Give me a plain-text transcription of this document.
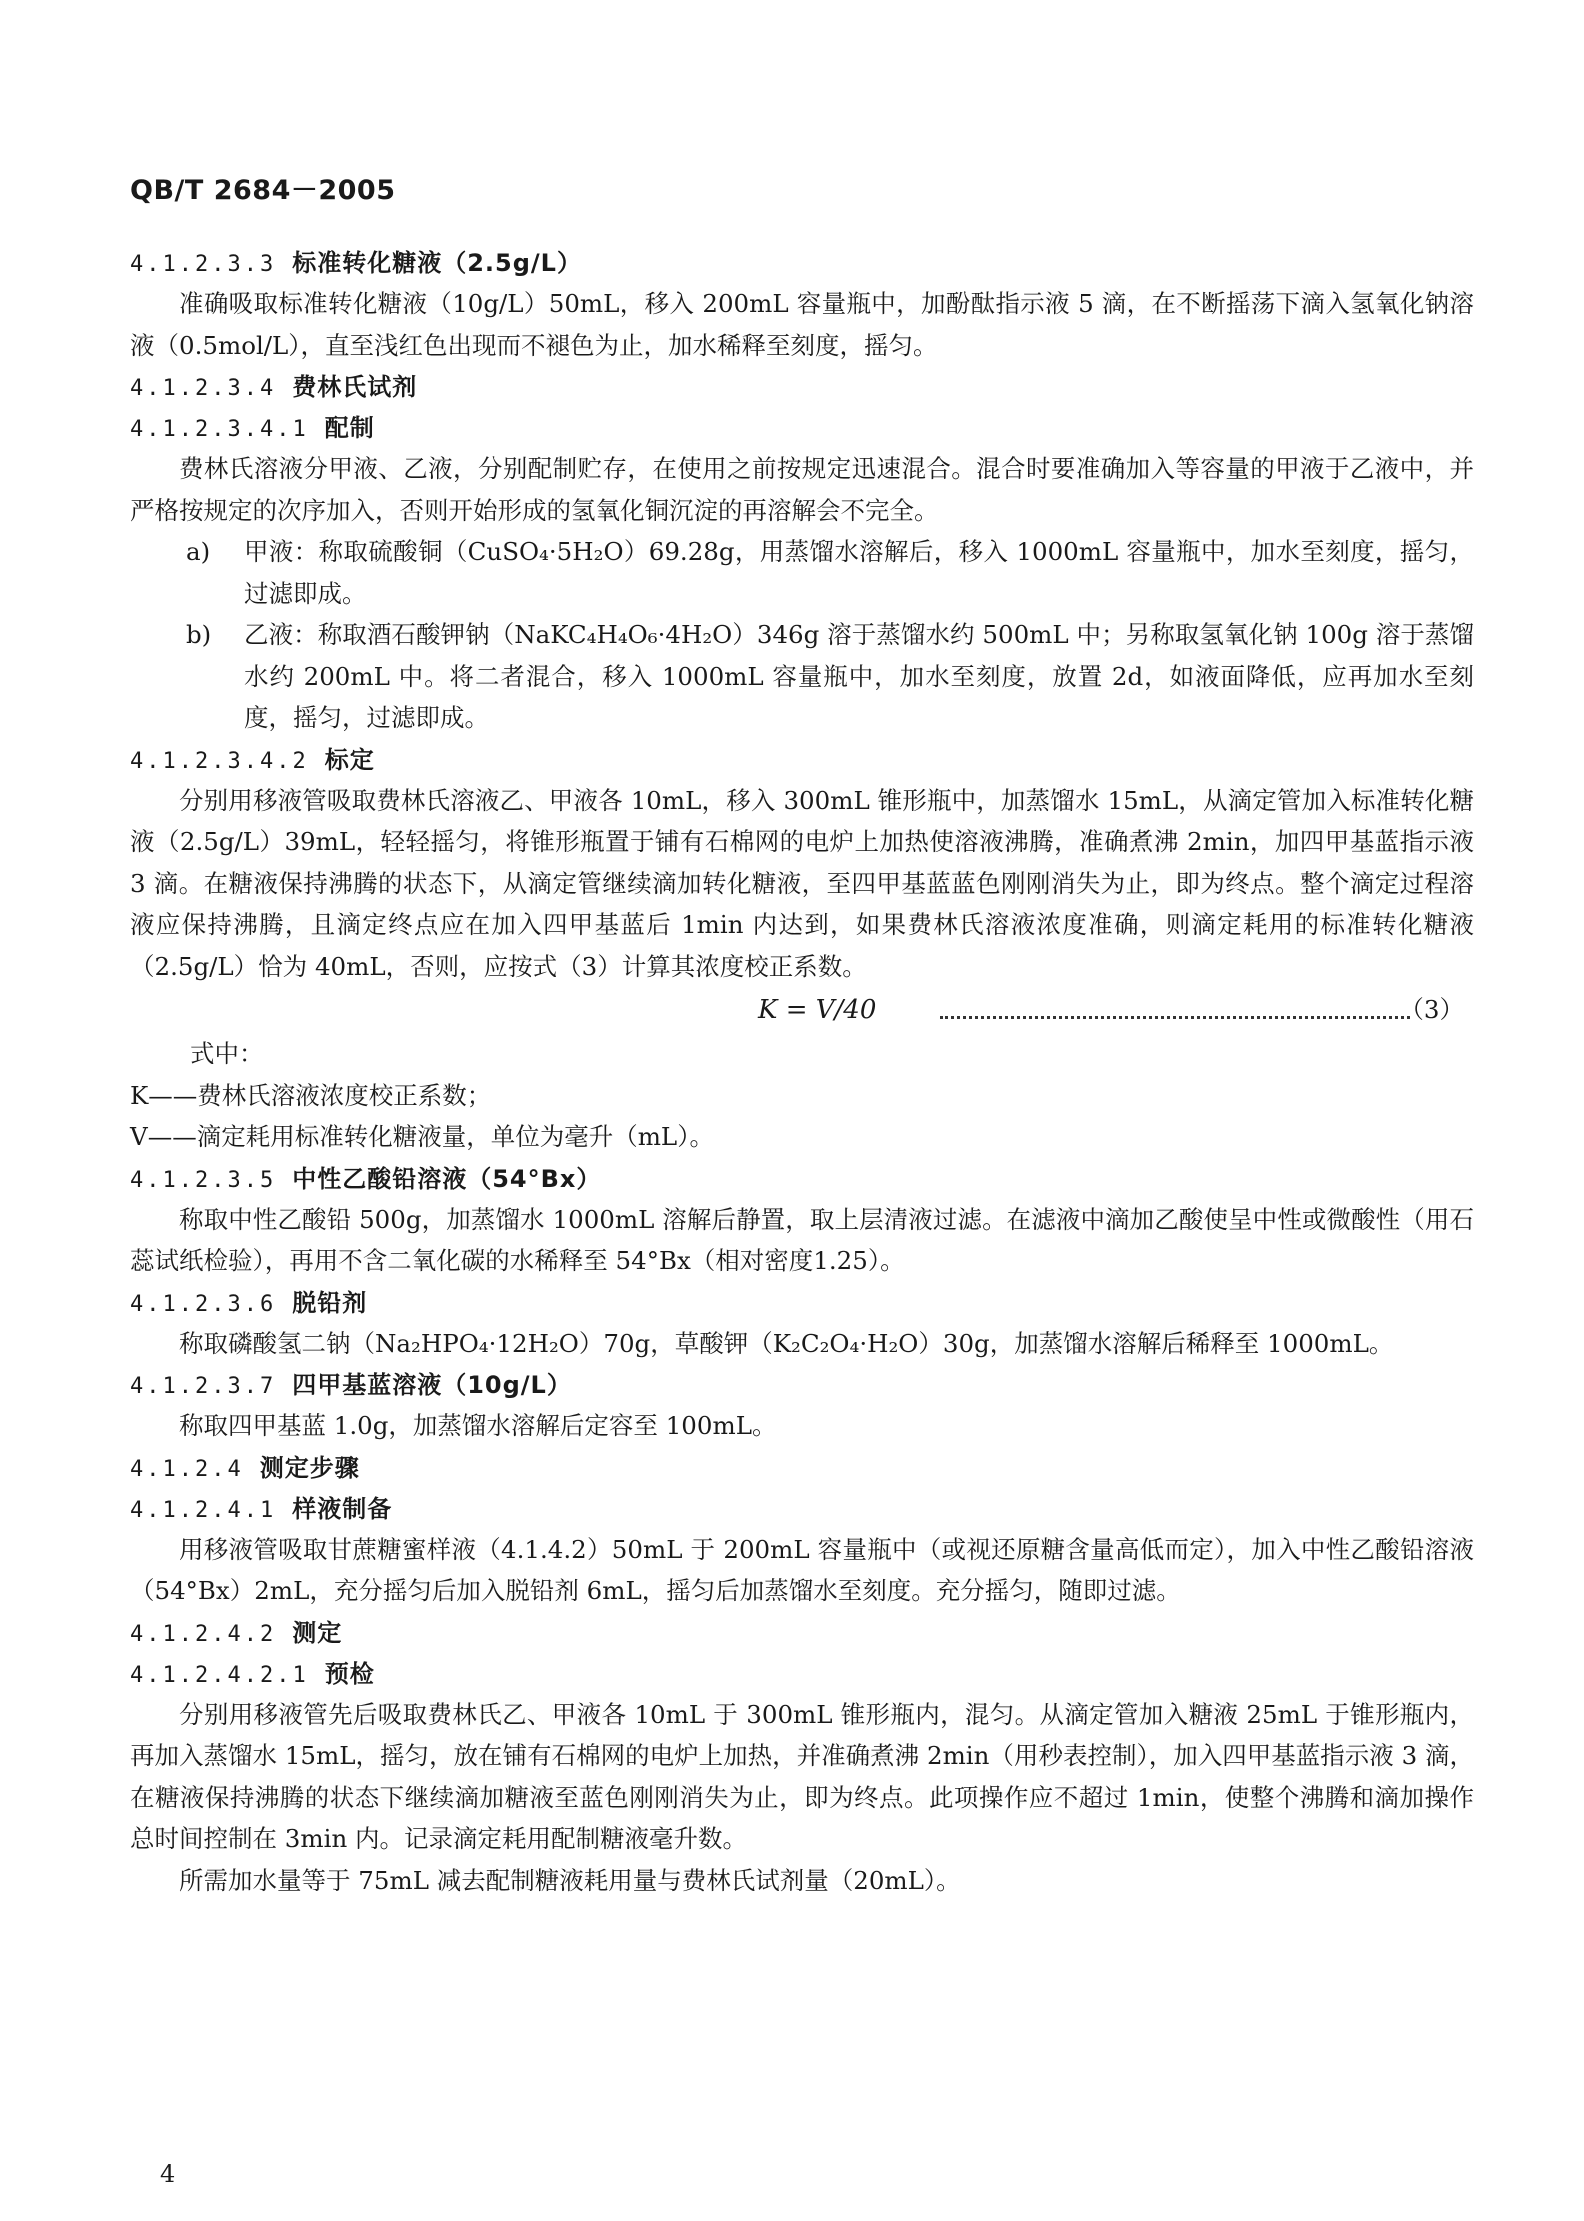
QB/T 2684－2005
4.1.2.3.3 标准转化糖液（2.5g/L）

准确吸取标准转化糖液（10g/L）50mL，移入 200mL 容量瓶中，加酚酞指示液 5 滴，在不断摇荡下滴入氢氧化钠溶液（0.5mol/L），直至浅红色出现而不褪色为止，加水稀释至刻度，摇匀。

4.1.2.3.4 费林氏试剂
4.1.2.3.4.1 配制

费林氏溶液分甲液、乙液，分别配制贮存，在使用之前按规定迅速混合。混合时要准确加入等容量的甲液于乙液中，并严格按规定的次序加入，否则开始形成的氢氧化铜沉淀的再溶解会不完全。

a)	甲液：称取硫酸铜（CuSO₄·5H₂O）69.28g，用蒸馏水溶解后，移入 1000mL 容量瓶中，加水至刻度，摇匀，过滤即成。
b)	乙液：称取酒石酸钾钠（NaKC₄H₄O₆·4H₂O）346g 溶于蒸馏水约 500mL 中；另称取氢氧化钠 100g 溶于蒸馏水约 200mL 中。将二者混合，移入 1000mL 容量瓶中，加水至刻度，放置 2d，如液面降低，应再加水至刻度，摇匀，过滤即成。
4.1.2.3.4.2 标定

分别用移液管吸取费林氏溶液乙、甲液各 10mL，移入 300mL 锥形瓶中，加蒸馏水 15mL，从滴定管加入标准转化糖液（2.5g/L）39mL，轻轻摇匀，将锥形瓶置于铺有石棉网的电炉上加热使溶液沸腾，准确煮沸 2min，加四甲基蓝指示液 3 滴。在糖液保持沸腾的状态下，从滴定管继续滴加转化糖液，至四甲基蓝蓝色刚刚消失为止，即为终点。整个滴定过程溶液应保持沸腾，且滴定终点应在加入四甲基蓝后 1min 内达到，如果费林氏溶液浓度准确，则滴定耗用的标准转化糖液（2.5g/L）恰为 40mL，否则，应按式（3）计算其浓度校正系数。

K = V/40	（3）

式中：

K——费林氏溶液浓度校正系数；

V——滴定耗用标准转化糖液量，单位为毫升（mL）。

4.1.2.3.5 中性乙酸铅溶液（54°Bx）

称取中性乙酸铅 500g，加蒸馏水 1000mL 溶解后静置，取上层清液过滤。在滤液中滴加乙酸使呈中性或微酸性（用石蕊试纸检验），再用不含二氧化碳的水稀释至 54°Bx（相对密度1.25）。

4.1.2.3.6 脱铅剂

称取磷酸氢二钠（Na₂HPO₄·12H₂O）70g，草酸钾（K₂C₂O₄·H₂O）30g，加蒸馏水溶解后稀释至 1000mL。

4.1.2.3.7 四甲基蓝溶液（10g/L）

称取四甲基蓝 1.0g，加蒸馏水溶解后定容至 100mL。

4.1.2.4 测定步骤
4.1.2.4.1 样液制备

用移液管吸取甘蔗糖蜜样液（4.1.4.2）50mL 于 200mL 容量瓶中（或视还原糖含量高低而定），加入中性乙酸铅溶液（54°Bx）2mL，充分摇匀后加入脱铅剂 6mL，摇匀后加蒸馏水至刻度。充分摇匀，随即过滤。

4.1.2.4.2 测定
4.1.2.4.2.1 预检

分别用移液管先后吸取费林氏乙、甲液各 10mL 于 300mL 锥形瓶内，混匀。从滴定管加入糖液 25mL 于锥形瓶内，再加入蒸馏水 15mL，摇匀，放在铺有石棉网的电炉上加热，并准确煮沸 2min（用秒表控制），加入四甲基蓝指示液 3 滴，在糖液保持沸腾的状态下继续滴加糖液至蓝色刚刚消失为止，即为终点。此项操作应不超过 1min，使整个沸腾和滴加操作总时间控制在 3min 内。记录滴定耗用配制糖液毫升数。

所需加水量等于 75mL 减去配制糖液耗用量与费林氏试剂量（20mL）。

4
